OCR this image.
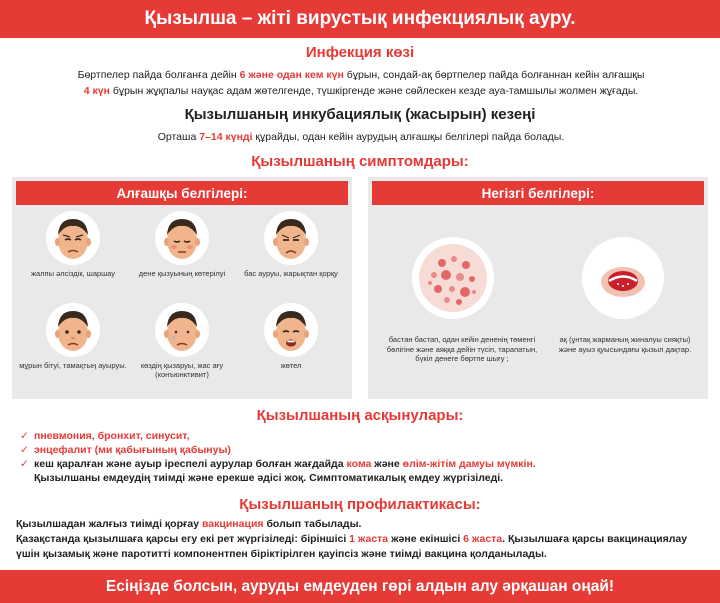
Қызылша – жіті вирустық инфекциялық ауру.
Инфекция көзі
Бөртпелер пайда болғанға дейін 6 және одан кем күн бұрын, сондай-ақ бөртпелер пайда болғаннан кейін алғашқы
4 күн бұрын жұқпалы науқас адам жөтелгенде, түшкіргенде және сөйлескен кезде ауа-тамшылы жолмен жұғады.
Қызылшаның инкубациялық (жасырын) кезеңі
Орташа 7–14 күнді құрайды, одан кейін аурудың алғашқы белгілері пайда болады.
Қызылшаның симптомдары:
Алғашқы белгілері:
жалпы әлсіздік, шаршау	дене қызуының көтерілуі	бас ауруы, жарықтан қорқу
мұрын бітуі, тамақтың ауыруы.	көздің қызаруы, жас ағу (конъюнктивит)
жөтел
Негізгі белгілері:
бастан бастап, одан кейін дененің төменгі бөлігіне және аяққа дейін түсіп, тарапатын, бүкіл денеге бөртпе шығу ;
ақ (ұнтақ жарманың жиналуы сияқты) және ауыз қуысындағы қызыл дақтар.
Қызылшаның асқынулары:
✓ пневмония, бронхит, синусит,
✓ энцефалит (ми қабығының қабынуы)
✓ кеш қаралған және ауыр іреспелі аурулар болған жағдайда кома және өлім-жітім дамуы мүмкін.
Қызылшаны емдеудің тиімді және ерекше әдісі жоқ. Симптоматикалық емдеу жүргізіледі.
Қызылшаның профилактикасы:
Қызылшадан жалғыз тиімді қорғау вакцинация болып табылады.
Қазақстанда қызылшаға қарсы егу екі рет жүргізіледі: біріншісі 1 жаста және екіншісі 6 жаста. Қызылшаға қарсы вакцинациялау
үшін қызамық және паротитті компонентпен біріктірілген қауіпсіз және тиімді вакцина қолданылады.
Есіңізде болсын, ауруды емдеуден гөрі алдын алу әрқашан оңай!
